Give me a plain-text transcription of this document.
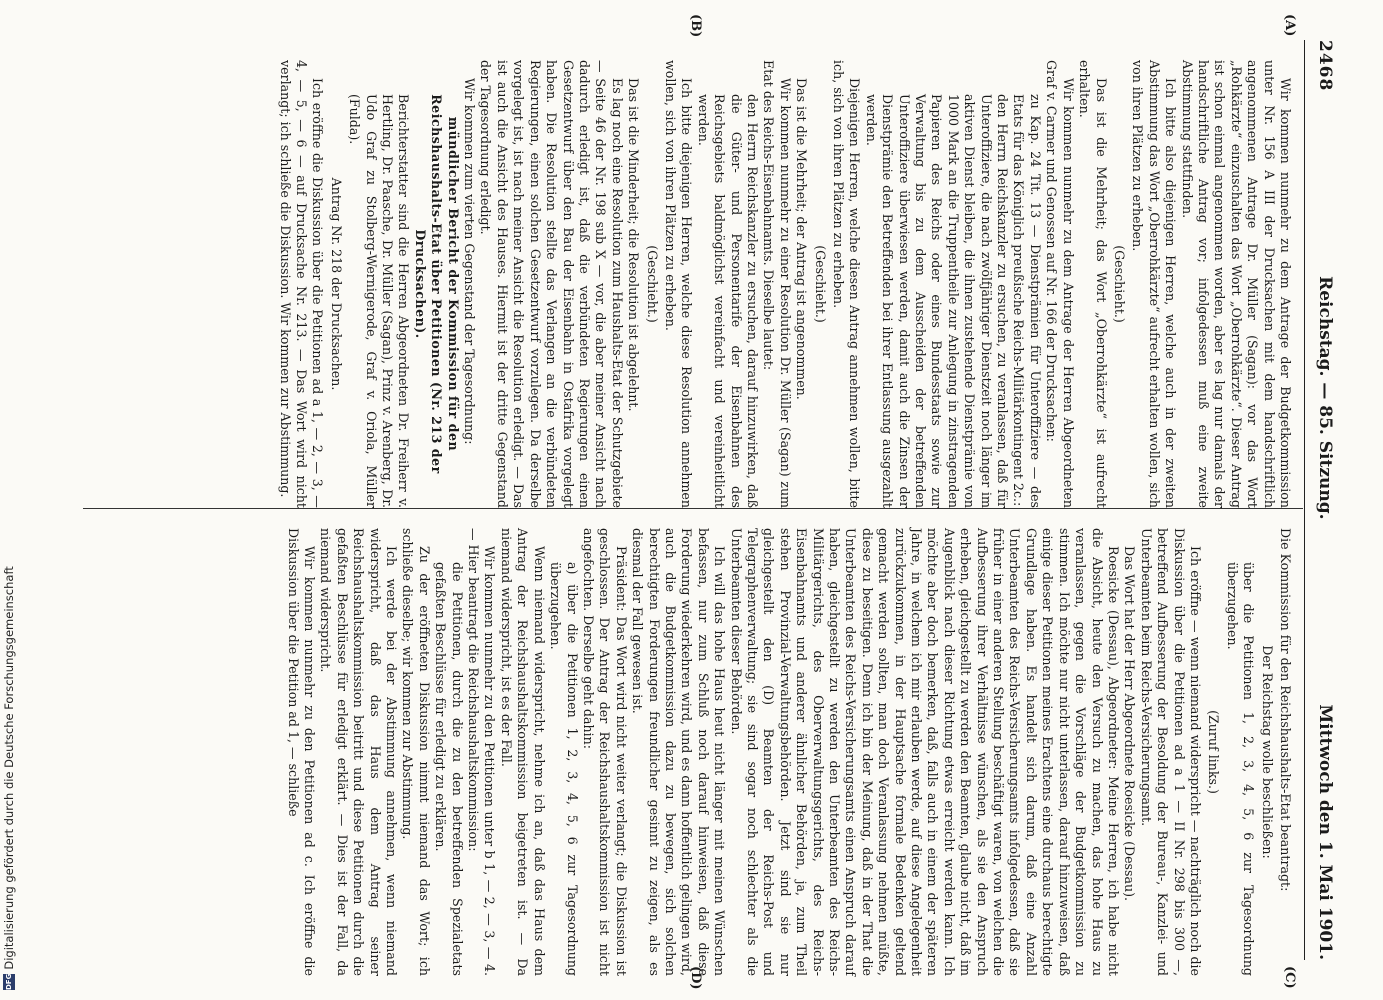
2468
Reichstag. — 85. Sitzung.
Mittwoch den 1. Mai 1901.
(A)
(B)
(C)

Wir kommen nunmehr zu dem Antrage der Budgetkommission unter Nr. 156 A III der Drucksachen mit dem handschriftlich angenommenen Antrage Dr. Müller (Sagan): vor das Wort „Rohkärzte“ einzuschalten das Wort „Oberrohkärzte“. Dieser Antrag ist schon einmal angenommen worden, aber es lag nur damals der handschriftliche Antrag vor; infolgedessen muß eine zweite Abstimmung stattfinden.

Ich bitte also diejenigen Herren, welche auch in der zweiten Abstimmung das Wort „Oberrohkärzte“ aufrecht erhalten wollen, sich von ihren Plätzen zu erheben.

(Geschieht.)

Das ist die Mehrheit; das Wort „Oberrohkärzte“ ist aufrecht erhalten.

Wir kommen nunmehr zu dem Antrage der Herren Abgeordneten Graf v. Carmer und Genossen auf Nr. 166 der Drucksachen:

zu Kap. 24 Tit. 13 — Dienstprämien für Unteroffiziere — des Etats für das Königlich preußische Reichs-Militärkontingent 2c.:

den Herrn Reichskanzler zu ersuchen, zu veranlassen, daß für Unteroffiziere, die nach zwölfjähriger Dienstzeit noch länger im aktiven Dienst bleiben, die ihnen zustehende Dienstprämie von 1000 Mark an die Truppentheile zur Anlegung in zinstragenden Papieren des Reichs oder eines Bundesstaats sowie zur Verwaltung bis zu dem Ausscheiden der betreffenden Unteroffiziere überwiesen werden, damit auch die Zinsen der Dienstprämie den Betreffenden bei ihrer Entlassung ausgezahlt werden.

Diejenigen Herren, welche diesen Antrag annehmen wollen, bitte ich, sich von ihren Plätzen zu erheben.

(Geschieht.)

Das ist die Mehrheit; der Antrag ist angenommen.

Wir kommen nunmehr zu einer Resolution Dr. Müller (Sagan) zum Etat des Reichs-Eisenbahnamts. Dieselbe lautet:

den Herrn Reichskanzler zu ersuchen, darauf hinzuwirken, daß die Güter- und Personentarife der Eisenbahnen des Reichsgebiets baldmöglichst vereinfacht und vereinheitlicht werden.

Ich bitte diejenigen Herren, welche diese Resolution annehmen wollen, sich von ihren Plätzen zu erheben.

(Geschieht.)

Das ist die Minderheit; die Resolution ist abgelehnt.

Es lag noch eine Resolution zum Haushalts-Etat der Schutzgebiete — Seite 46 der Nr. 198 sub X — vor, die aber meiner Ansicht nach dadurch erledigt ist, daß die verbündeten Regierungen einen Gesetzentwurf über den Bau der Eisenbahn in Ostafrika vorgelegt haben. Die Resolution stellte das Verlangen an die verbündeten Regierungen, einen solchen Gesetzentwurf vorzulegen. Da derselbe vorgelegt ist, ist nach meiner Ansicht die Resolution erledigt. — Das ist auch die Ansicht des Hauses. Hiermit ist der dritte Gegenstand der Tagesordnung erledigt.

Wir kommen zum vierten Gegenstand der Tagesordnung:

mündlicher Bericht der Kommission für den Reichshaushalts-Etat über Petitionen (Nr. 213 der Drucksachen).

Berichterstatter sind die Herren Abgeordneten Dr. Freiherr v. Hertling, Dr. Paasche, Dr. Müller (Sagan), Prinz v. Arenberg, Dr. Udo Graf zu Stolberg-Wernigerode, Graf v. Oriola, Müller (Fulda).

Antrag Nr. 218 der Drucksachen.

Ich eröffne die Diskussion über die Petitionen ad a 1, — 2, — 3, — 4, — 5, — 6 — auf Drucksache Nr. 213. — Das Wort wird nicht verlangt; ich schließe die Diskussion. Wir kommen zur Abstimmung.

Die Kommission für den Reichshaushalts-Etat beantragt:

Der Reichstag wolle beschließen:

über die Petitionen 1, 2, 3, 4, 5, 6 zur Tagesordnung überzugehen.

(Zuruf links.)

Ich eröffne — wenn niemand widerspricht — nachträglich noch die Diskussion über die Petitionen ad a 1 — II Nr. 298 bis 300 —, betreffend Aufbesserung der Besoldung der Bureau-, Kanzlei- und Unterbeamten beim Reichs-Versicherungsamt.

Das Wort hat der Herr Abgeordnete Roesicke (Dessau).

Roesicke (Dessau), Abgeordneter: Meine Herren, ich habe nicht die Absicht, heute den Versuch zu machen, das hohe Haus zu veranlassen, gegen die Vorschläge der Budgetkommission zu stimmen. Ich möchte nur nicht unterlassen, darauf hinzuweisen, daß einige dieser Petitionen meines Erachtens eine durchaus berechtigte Grundlage haben. Es handelt sich darum, daß eine Anzahl Unterbeamten des Reichs-Versicherungsamts infolgedessen, daß sie früher in einer anderen Stellung beschäftigt waren, von welchen die Aufbesserung ihrer Verhältnisse wünschen, als sie den Anspruch erheben, gleichgestellt zu werden den Beamten, glaube nicht, daß im Augenblick nach dieser Richtung etwas erreicht werden kann. Ich möchte aber doch bemerken, daß, falls auch in einem der späteren Jahre, in welchem ich mir erlauben werde, auf diese Angelegenheit zurückzukommen, in der Hauptsache formale Bedenken geltend gemacht werden sollten, man doch Veranlassung nehmen müßte, diese zu beseitigen. Denn ich bin der Meinung, daß in der That die Unterbeamten des Reichs-Versicherungsamts einen Anspruch darauf haben, gleichgestellt zu werden den Unterbeamten des Reichs-Militärgerichts, des Oberverwaltungsgerichts, des Reichs-Eisenbahnamts und anderer ähnlicher Behörden, ja, zum Theil stehen Provinzial-Verwaltungsbehörden. Jetzt sind sie nur gleichgestellt den (D) Beamten der Reichs-Post und Telegraphenverwaltung; sie sind sogar noch schlechter als die Unterbeamten dieser Behörden.

Ich will das hohe Haus heut nicht länger mit meinen Wünschen befassen, nur zum Schluß noch darauf hinweisen, daß diese Forderung wiederkehren wird, und es dann hoffentlich gelingen wird, auch die Budgetkommission dazu zu bewegen, sich solchen berechtigten Forderungen freundlicher gesinnt zu zeigen, als es diesmal der Fall gewesen ist.

Präsident: Das Wort wird nicht weiter verlangt; die Diskussion ist geschlossen. Der Antrag der Reichshaushaltskommission ist nicht angefochten. Derselbe geht dahin:

a) über die Petitionen 1, 2, 3, 4, 5, 6 zur Tagesordnung überzugehen.

Wenn niemand widerspricht, nehme ich an, daß das Haus dem Antrag der Reichshaushaltskommission beigetreten ist. — Da niemand widerspricht, ist es der Fall.

Wir kommen nunmehr zu den Petitionen unter b 1, — 2, — 3, — 4. — Hier beantragt die Reichshaushaltskommission:

die Petitionen, durch die zu den betreffenden Spezialetats gefaßten Beschlüsse für erledigt zu erklären.

Zu der eröffneten Diskussion nimmt niemand das Wort; ich schließe dieselbe; wir kommen zur Abstimmung.

Ich werde bei der Abstimmung annehmen, wenn niemand widerspricht, daß das Haus dem Antrag seiner Reichshaushaltskommission beitritt und diese Petitionen durch die gefaßten Beschlüsse für erledigt erklärt. — Dies ist der Fall, da niemand widerspricht.

Wir kommen nunmehr zu den Petitionen ad c. Ich eröffne die Diskussion über die Petition ad 1, — schließe

(D)
DFG
Digitalisierung gefördert durch die Deutsche Forschungsgemeinschaft
